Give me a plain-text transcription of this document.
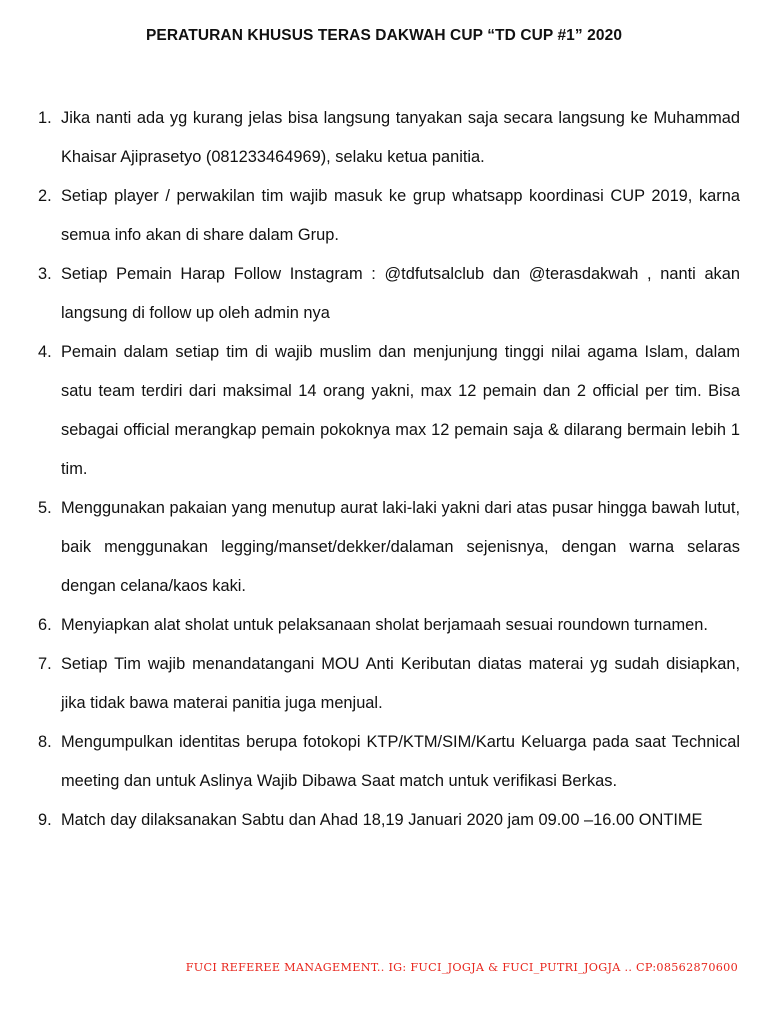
PERATURAN KHUSUS TERAS DAKWAH CUP “TD CUP #1” 2020
1. Jika nanti ada yg kurang jelas bisa langsung tanyakan saja secara langsung ke Muhammad Khaisar Ajiprasetyo (081233464969), selaku ketua panitia.
2. Setiap player / perwakilan tim wajib masuk ke grup whatsapp koordinasi CUP 2019, karna semua info akan di share dalam Grup.
3. Setiap Pemain Harap Follow Instagram : @tdfutsalclub dan @terasdakwah , nanti akan langsung di follow up oleh admin nya
4. Pemain dalam setiap tim di wajib muslim dan menjunjung tinggi nilai agama Islam, dalam satu team terdiri dari maksimal 14 orang yakni, max 12 pemain dan 2 official per tim. Bisa sebagai official merangkap pemain pokoknya max 12 pemain saja & dilarang bermain lebih 1 tim.
5. Menggunakan pakaian yang menutup aurat laki-laki yakni dari atas pusar hingga bawah lutut, baik menggunakan legging/manset/dekker/dalaman sejenisnya, dengan warna selaras dengan celana/kaos kaki.
6. Menyiapkan alat sholat untuk pelaksanaan sholat berjamaah sesuai roundown turnamen.
7. Setiap Tim wajib menandatangani MOU Anti Keributan diatas materai yg sudah disiapkan, jika tidak bawa materai panitia juga menjual.
8. Mengumpulkan identitas berupa fotokopi KTP/KTM/SIM/Kartu Keluarga pada saat Technical meeting dan untuk Aslinya Wajib Dibawa Saat match untuk verifikasi Berkas.
9. Match day dilaksanakan Sabtu dan Ahad 18,19 Januari 2020 jam 09.00 –16.00 ONTIME
FUCI REFEREE MANAGEMENT.. IG: FUCI_JOGJA & FUCI_PUTRI_JOGJA .. CP:08562870600
